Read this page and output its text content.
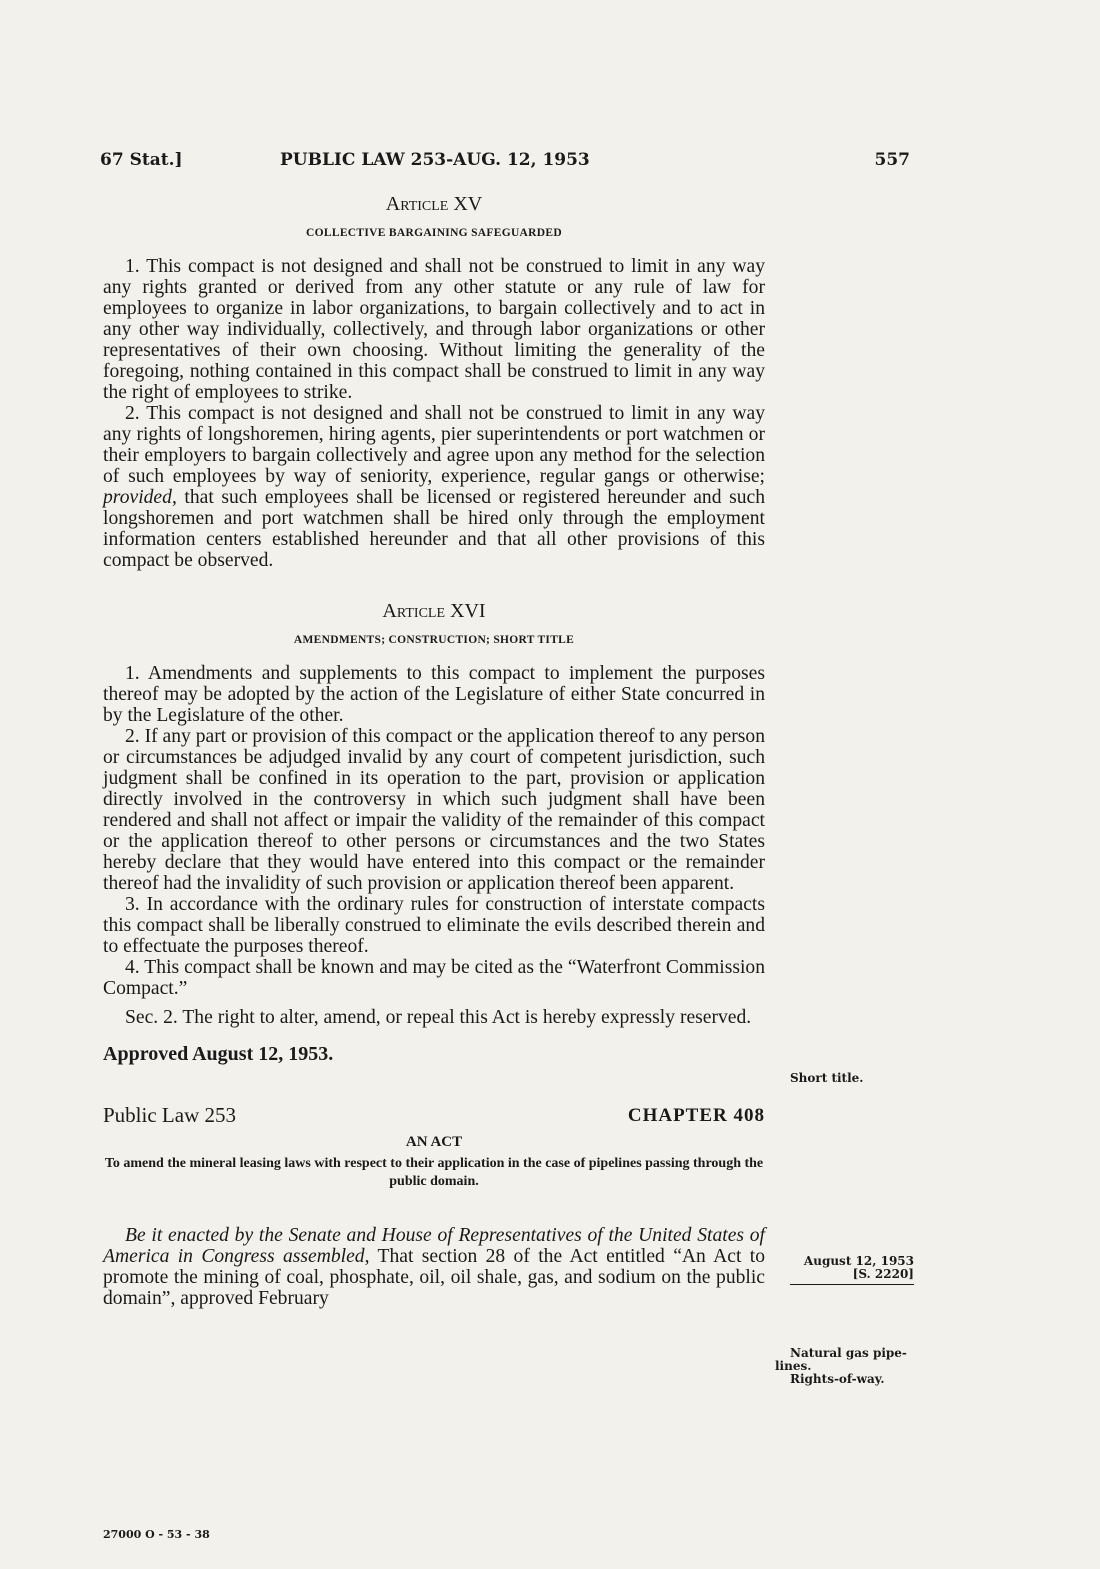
67 Stat.]	PUBLIC LAW 253-AUG. 12, 1953	557
Article XV
COLLECTIVE BARGAINING SAFEGUARDED

1. This compact is not designed and shall not be construed to limit in any way any rights granted or derived from any other statute or any rule of law for employees to organize in labor organizations, to bargain collectively and to act in any other way individually, collectively, and through labor organizations or other representatives of their own choosing. Without limiting the generality of the foregoing, nothing contained in this compact shall be construed to limit in any way the right of employees to strike.

2. This compact is not designed and shall not be construed to limit in any way any rights of longshoremen, hiring agents, pier superintendents or port watchmen or their employers to bargain collectively and agree upon any method for the selection of such employees by way of seniority, experience, regular gangs or otherwise; provided, that such employees shall be licensed or registered hereunder and such longshoremen and port watchmen shall be hired only through the employment information centers established hereunder and that all other provisions of this compact be observed.

Article XVI
AMENDMENTS; CONSTRUCTION; SHORT TITLE

1. Amendments and supplements to this compact to implement the purposes thereof may be adopted by the action of the Legislature of either State concurred in by the Legislature of the other.

2. If any part or provision of this compact or the application thereof to any person or circumstances be adjudged invalid by any court of competent jurisdiction, such judgment shall be confined in its operation to the part, provision or application directly involved in the controversy in which such judgment shall have been rendered and shall not affect or impair the validity of the remainder of this compact or the application thereof to other persons or circumstances and the two States hereby declare that they would have entered into this compact or the remainder thereof had the invalidity of such provision or application thereof been apparent.

3. In accordance with the ordinary rules for construction of interstate compacts this compact shall be liberally construed to eliminate the evils described therein and to effectuate the purposes thereof.

4. This compact shall be known and may be cited as the “Waterfront Commission Compact.”

Sec. 2. The right to alter, amend, or repeal this Act is hereby expressly reserved.

Approved August 12, 1953.
Public Law 253	CHAPTER 408
AN ACT
To amend the mineral leasing laws with respect to their application in the case of pipelines passing through the public domain.

Be it enacted by the Senate and House of Representatives of the United States of America in Congress assembled, That section 28 of the Act entitled “An Act to promote the mining of coal, phosphate, oil, oil shale, gas, and sodium on the public domain”, approved February

Short title.
August 12, 1953
[S. 2220]
Natural gas pipe-
lines.
Rights-of-way.
27000 O - 53 - 38
